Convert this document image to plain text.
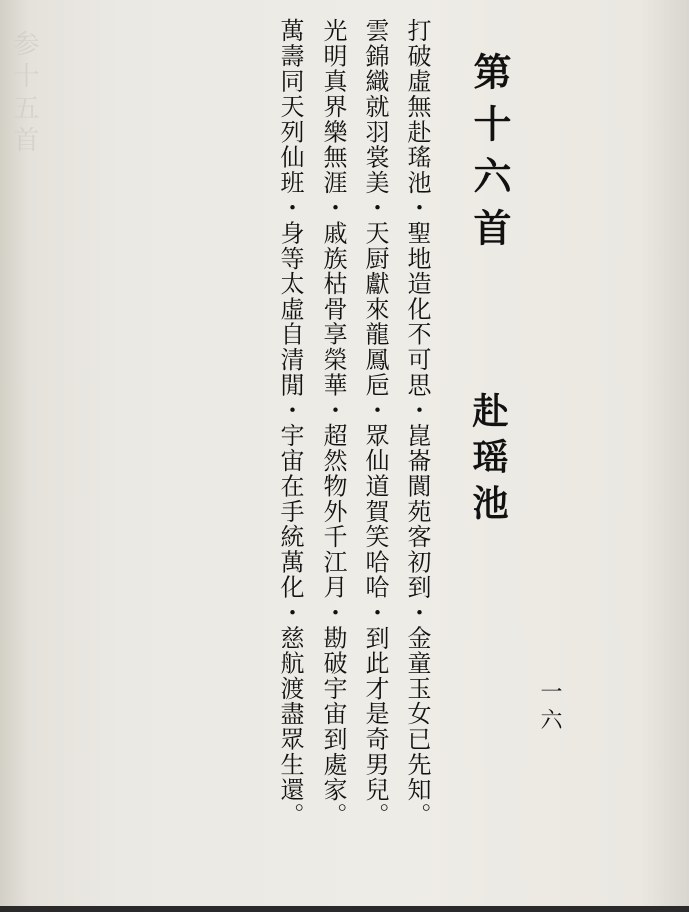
参十五首	第十六首
赴瑶池
打破虛無赴瑤池・聖地造化不可思・崑崙閬苑客初到・金童玉女已先知。
雲錦織就羽裳美・天厨獻來龍鳳巵・眾仙道賀笑哈哈・到此才是奇男兒。
光明真界樂無涯・戚族枯骨享榮華・超然物外千江月・勘破宇宙到處家。
萬壽同天列仙班・身等太虛自清閒・宇宙在手統萬化・慈航渡盡眾生還。	一六
